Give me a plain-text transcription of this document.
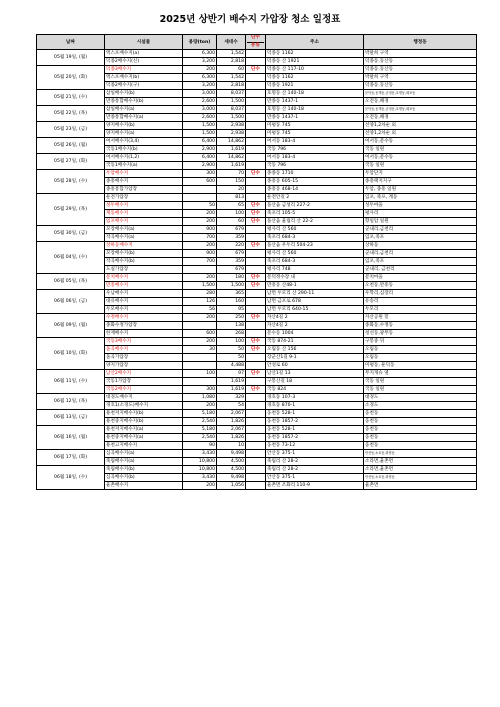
2025년 상반기 배수지 가압장 청소 일정표
날짜	시설물	용량(ton)	세대수	단수
유류	주소	행정동
05월 19일, (월)	엑스포배수지(a)	6,300	1,542		덕종동 1162	박팔희 구역
	덕종2배수지(신)	3,200	2,818		덕종동 산 1921	덕종동,동산동
05월 20일, (화)	덕종3배수지	200	60	단수	덕종동 산 117-10	덕종동,동산동
	엑스포배수지(b)	6,300	1,542		덕종동 1162	박팔희 구역
	덕종2배수지(구)	3,200	2,818		덕종동 1921	덕종동,동산동
05월 21일, (수)	삼일배수지(b)	3,000	8,037		호명동 산 140-18	문덕동,동게동,공정동,호명동,매포동
	만종통합배수지(b)	2,600	1,500		만종동 1437-1	오전동,해경
05월 22일, (목)	삼일배수지(a)	3,000	8,037		호명동 산 140-18	문덕동,동게동,공정동,호명동,매포동
	만종통합배수지(a)	2,600	1,500		만종동 1437-1	오전동,해경
05월 23일, (금)	양지배수지(b)	1,500	2,938		미평동 745	선양1,2차순 외
	양지배수지(a)	1,500	2,938		미평동 745	선양1,2차순 외
05월 26일, (월)	여서배수지(3,4)	6,400	14,862		여서동 183-4	여서동,문수동
	국동1배수지(b)	2,900	1,619		국동 796	국동 일원
05월 27일, (화)	여서배수지(1,2)	6,400	14,862		여서동 183-4	여서동,문수동
	국동1배수지(a)	2,900	1,619		국동 796	국동 일원
05월 28일, (수)	두암배수지	300	70	단수	종종동 1710	두암단지
	종흥배수지	600	150		종흥동 605-15	종흥택지지구
	종흥통합가압장		20		종흥동 468-14	두암, 종흥 일원
05월 29일, (목)	둔전가압장		813		둔전안길 2	임포, 죽포, 계동
	성두배수지	50	65	단수	돌산읍 금성리 227-2	성두마을
	계동배수지	200	100	단수	죽포리 105-5	평사리
	임포배수지	200	60	단수	돌산읍 율림리 산 22-2	향일암 일원
05월 30일, (금)	모장배수지(a)	900	679		평사리 산 560	군내리,금천리
	작곡배수지(a)	700	359		죽포리 684-3	임포,죽포
06월 04일, (수)	상하동배수지	200	220	단수	돌산읍 우두리 504-23	상하동
	모장배수지(b)	900	679		평사리 산 560	군내리,금천리
	작곡배수지(b)	700	359		죽포리 684-3	임포,죽포
	도실가압장		679		평사리 748	군내리, 금천리
06월 05일, (목)	문치배수지	200	180	단수	문덕정수장 내	문치마을
	만흥배수지	1,500	1,500	단수	만흥동 산48-1	오천동,만흥동
06월 06일, (금)	우남배수지	280	365		남면 두모리 산 290-11	우학리,심장리
	대유배수지	126	160		남면 금포로 678	유송리
	두모배수지	56	95		남면 두모리 640-15	두모리
06월 09일, (월)	수정배수지	200	250	단수	자산4길 2	자산공원 밑
	종화수정가압장		138		자산4길 2	종화동,수정동
	한재배수지	600	268		문수동 1004	청선동,광무동
06월 10일, (화)	국동3배수지	200	100	단수	국동 874-21	구봉중 뒤
	돌곡배수지	30	50	단수	오림동 산 156	오림동
	돌곡가압장		50		장군산1길 9-1	오림동
	양지가압장		4,488		안성로 60	미평동, 둔덕동
06월 11일, (수)	남산2배수지	100	97	단수	남산1길 13	무지개슈 옆
	국동1가압장		1,619		구봉산길 18	국동 일원
	국동2배수지	300	1,619	단수	국동 824	국동 일원
06월 12일, (목)	대경도배수지	1,080	329		경호동 107-3	대경도
	경호1(소경도)배수지	200	54		경호동 870-1	소경도
06월 13일, (금)	용천저지배수지(b)	5,180	2,067		웅천동 528-1	웅천동
	용천중지배수지(b)	2,540	1,826		웅천동 1857-2	웅천동
06월 16일, (월)	용천저지배수지(a)	5,180	2,067		웅천동 528-1	웅천동
	용천중지배수지(a)	2,540	1,826		웅천동 1857-2	웅천동
	용천고지배수지	90	10		웅천동 73-12	웅천동
06월 17일, (화)	심곡배수지(a)	3,430	9,498		안산동 375-1	안산동,소호동,화장동
	죽림배수지(a)	10,800	4,500		죽림리 산 28-2	소라면,율촌면
06월 18일, (수)	죽림배수지(b)	10,800	4,500		죽림리 산 28-2	소라면,율촌면
	심곡배수지(b)	3,430	9,498		안산동 375-1	안산동,소호동,화장동
	율촌배수지	200	1,056		율촌면 조화리 110-9	율촌면
